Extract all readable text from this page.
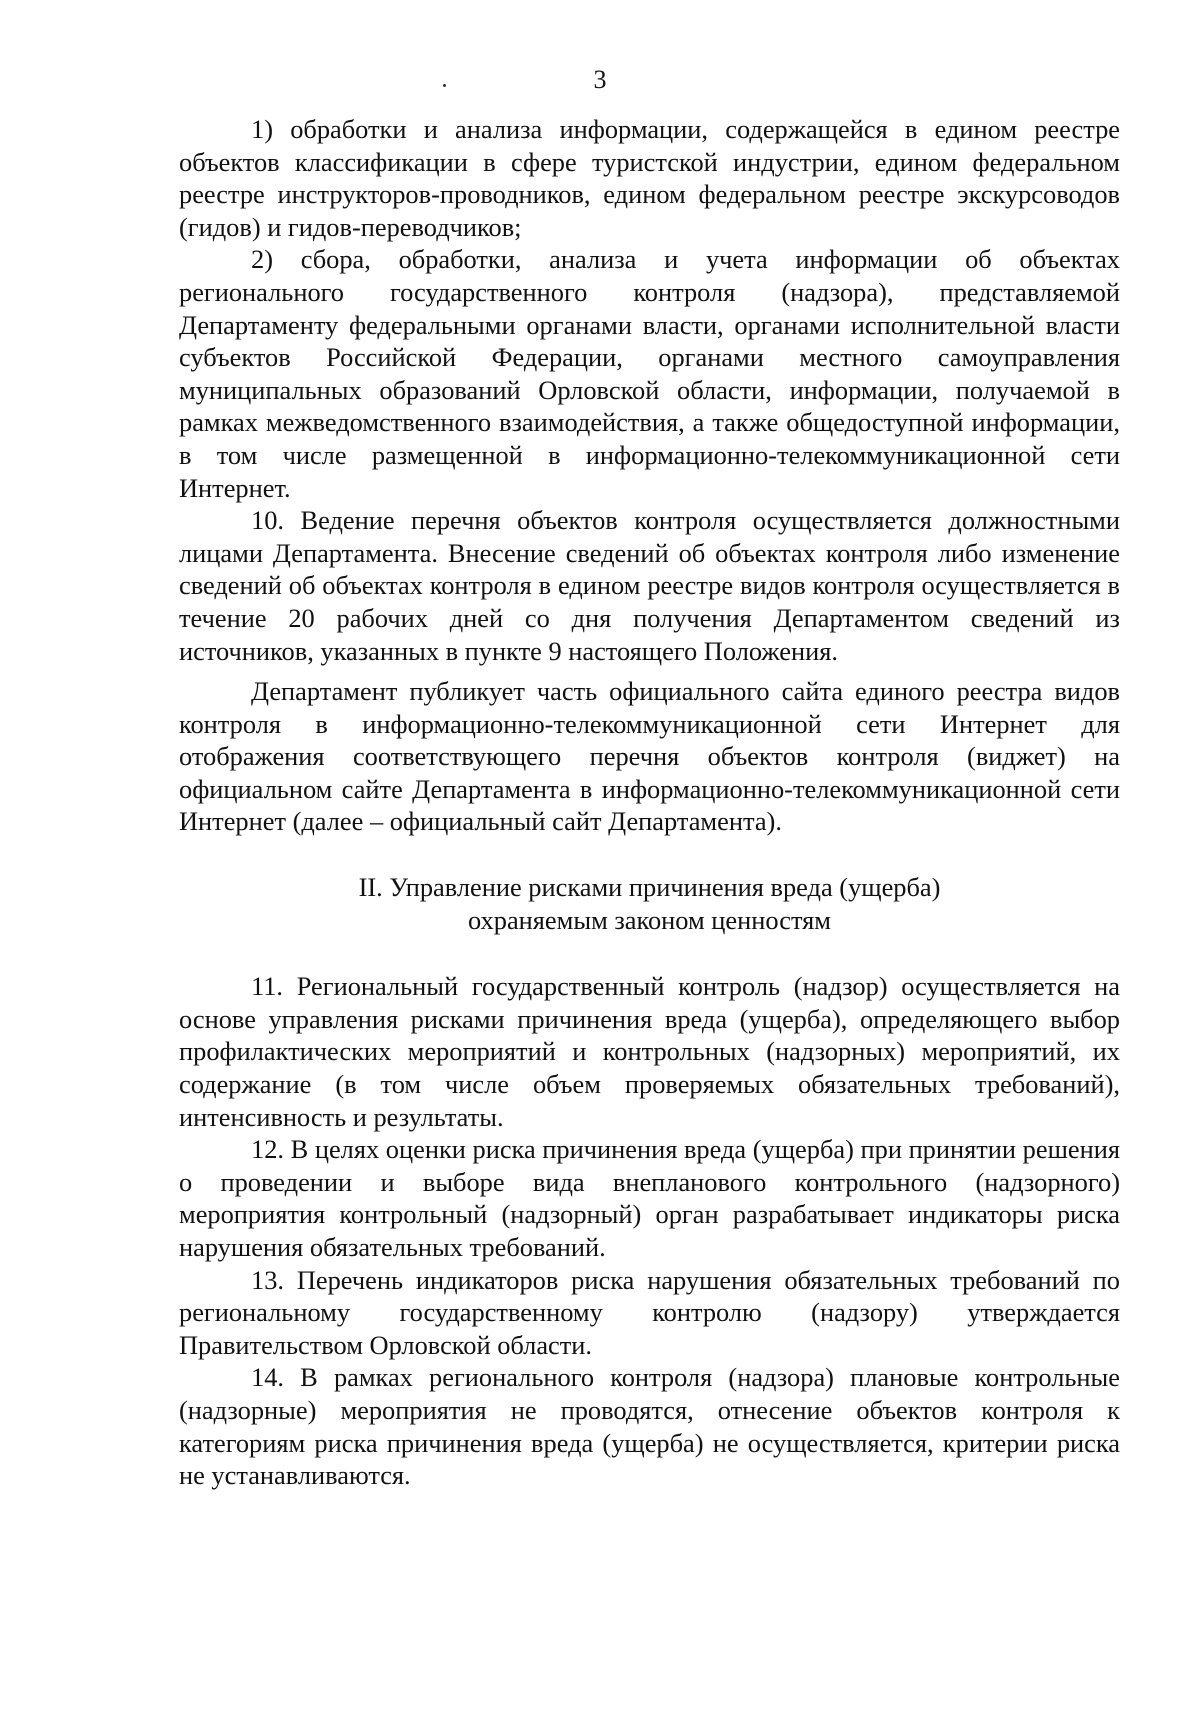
3

1) обработки и анализа информации, содержащейся в едином реестре объектов классификации в сфере туристской индустрии, едином федеральном реестре инструкторов-проводников, едином федеральном реестре экскурсоводов (гидов) и гидов-переводчиков;

2) сбора, обработки, анализа и учета информации об объектах регионального государственного контроля (надзора), представляемой Департаменту федеральными органами власти, органами исполнительной власти субъектов Российской Федерации, органами местного самоуправления муниципальных образований Орловской области, информации, получаемой в рамках межведомственного взаимодействия, а также общедоступной информации, в том числе размещенной в информационно-телекоммуникационной сети Интернет.

10. Ведение перечня объектов контроля осуществляется должностными лицами Департамента. Внесение сведений об объектах контроля либо изменение сведений об объектах контроля в едином реестре видов контроля осуществляется в течение 20 рабочих дней со дня получения Департаментом сведений из источников, указанных в пункте 9 настоящего Положения.

Департамент публикует часть официального сайта единого реестра видов контроля в информационно-телекоммуникационной сети Интернет для отображения соответствующего перечня объектов контроля (виджет) на официальном сайте Департамента в информационно-телекоммуникационной сети Интернет (далее – официальный сайт Департамента).

II. Управление рисками причинения вреда (ущерба)
охраняемым законом ценностям

11. Региональный государственный контроль (надзор) осуществляется на основе управления рисками причинения вреда (ущерба), определяющего выбор профилактических мероприятий и контрольных (надзорных) мероприятий, их содержание (в том числе объем проверяемых обязательных требований), интенсивность и результаты.

12. В целях оценки риска причинения вреда (ущерба) при принятии решения о проведении и выборе вида внепланового контрольного (надзорного) мероприятия контрольный (надзорный) орган разрабатывает индикаторы риска нарушения обязательных требований.

13. Перечень индикаторов риска нарушения обязательных требований по региональному государственному контролю (надзору) утверждается Правительством Орловской области.

14. В рамках регионального контроля (надзора) плановые контрольные (надзорные) мероприятия не проводятся, отнесение объектов контроля к категориям риска причинения вреда (ущерба) не осуществляется, критерии риска не устанавливаются.
